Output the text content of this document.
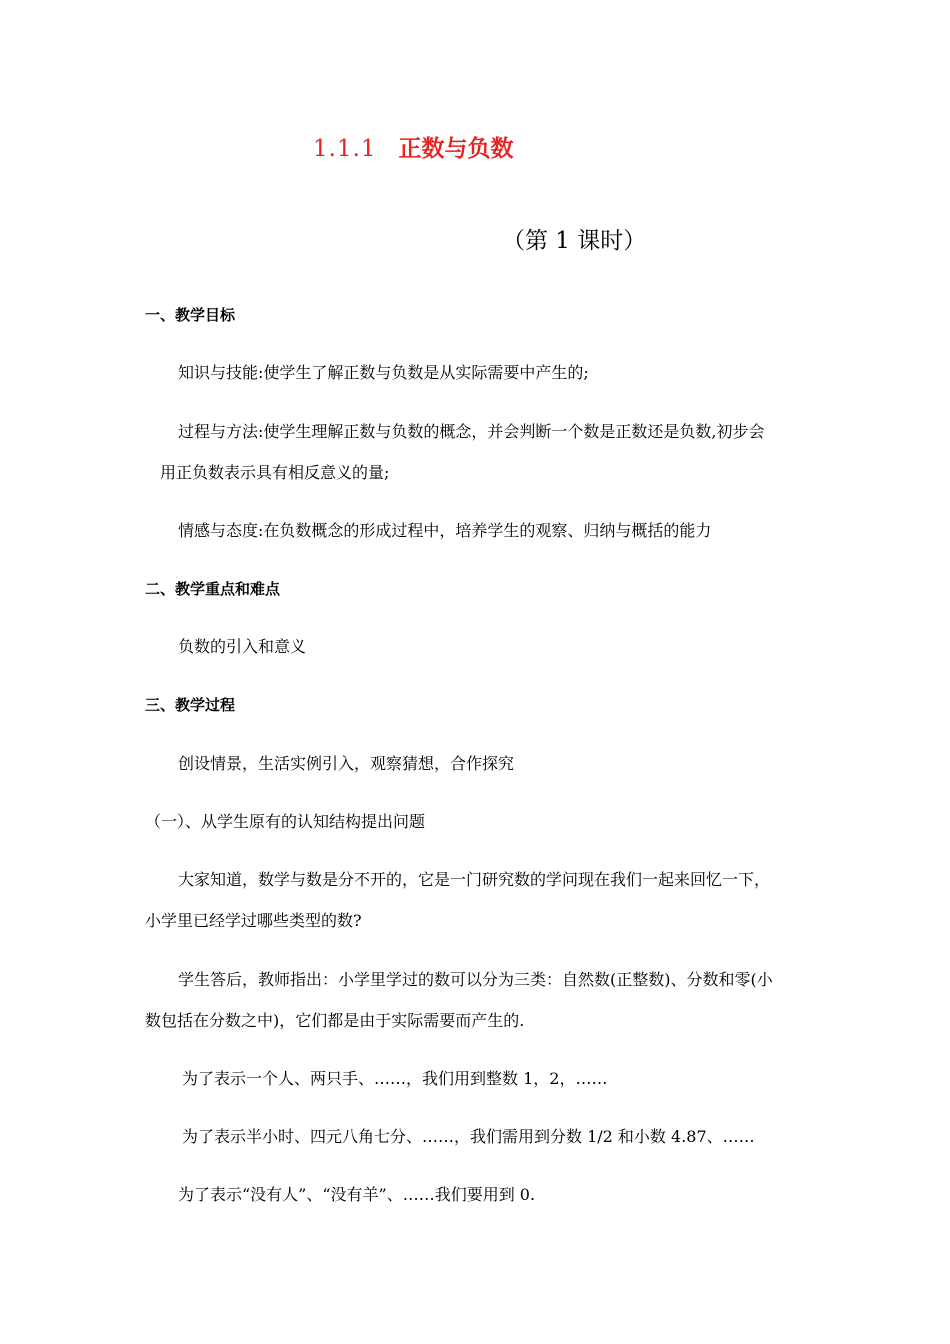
1.1.1 正数与负数
（第 1 课时）
一、教学目标
知识与技能:使学生了解正数与负数是从实际需要中产生的;
过程与方法:使学生理解正数与负数的概念，并会判断一个数是正数还是负数,初步会
用正负数表示具有相反意义的量;
情感与态度:在负数概念的形成过程中，培养学生的观察、归纳与概括的能力
二、教学重点和难点
负数的引入和意义
三、教学过程
创设情景，生活实例引入，观察猜想，合作探究
（一）、从学生原有的认知结构提出问题
大家知道，数学与数是分不开的，它是一门研究数的学问现在我们一起来回忆一下，
小学里已经学过哪些类型的数?
学生答后，教师指出：小学里学过的数可以分为三类：自然数(正整数)、分数和零(小
数包括在分数之中)，它们都是由于实际需要而产生的.
为了表示一个人、两只手、……，我们用到整数 1，2，……
为了表示半小时、四元八角七分、……，我们需用到分数 1/2 和小数 4.87、……
为了表示“没有人”、“没有羊”、……我们要用到 0.
